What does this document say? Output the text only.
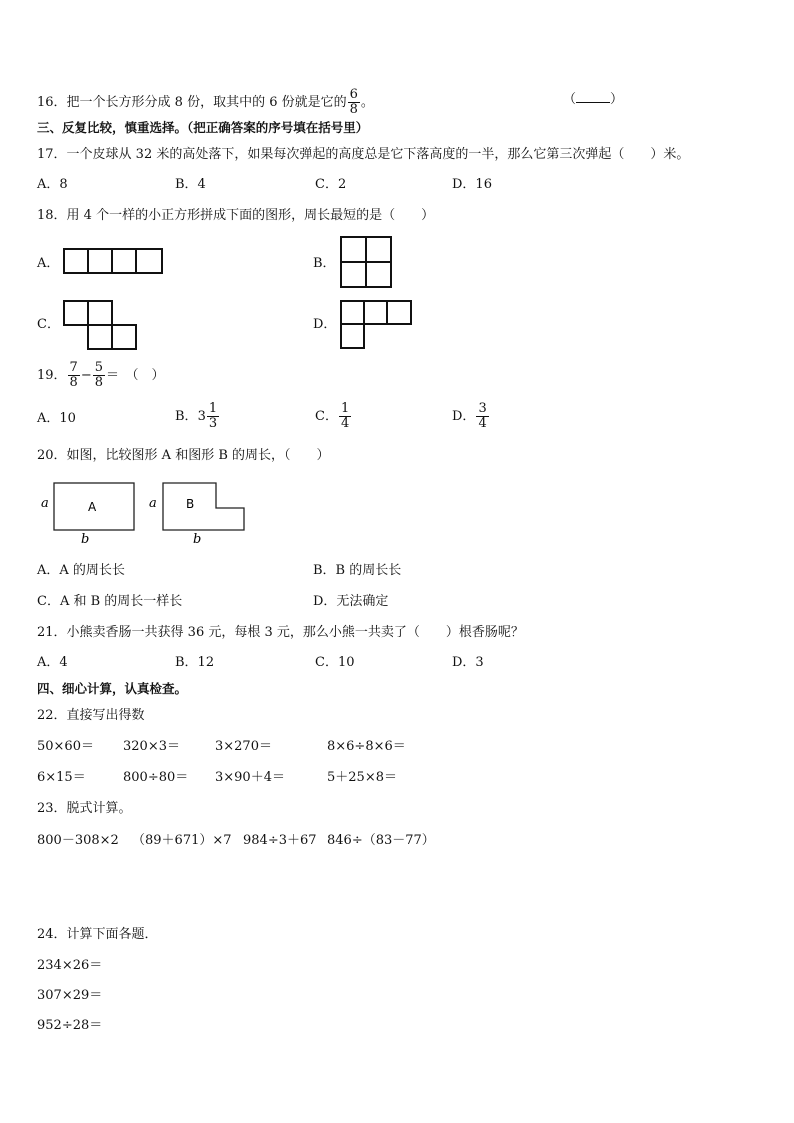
16．把一个长方形分成 8 份，取其中的 6 份就是它的 $\frac{6}{8}$ 。	（	）
三、反复比较，慎重选择。（把正确答案的序号填在括号里）
17．一个皮球从 32 米的高处落下，如果每次弹起的高度总是它下落高度的一半，那么它第三次弹起（　　）米。
A．8	B．4	C．2	D．16
18．用 4 个一样的小正方形拼成下面的图形，周长最短的是（　　）
A．	B．
C．	D．
19． $\frac{7}{8} - \frac{5}{8}$ ＝　（　）
A．10	B．$3 \frac{1}{3}$	C． $\frac{1}{4}$	D． $\frac{3}{4}$
20．如图，比较图形 A 和图形 B 的周长，（　　）
A
a
b
B
a
b
A．A 的周长长	B．B 的周长长
C．A 和 B 的周长一样长	D．无法确定
21．小熊卖香肠一共获得 36 元，每根 3 元，那么小熊一共卖了（　　）根香肠呢？
A．4	B．12	C．10	D．3
四、细心计算，认真检查。
22．直接写出得数
50×60＝ 320×3＝	3×270＝	8×6÷8×6＝
6×15＝	800÷80＝ 3×90＋4＝	5＋25×8＝
23．脱式计算。
800－308×2 （89＋671）×7 984÷3＋67 846÷（83－77）
24．计算下面各题．
234×26＝
307×29＝
952÷28＝
